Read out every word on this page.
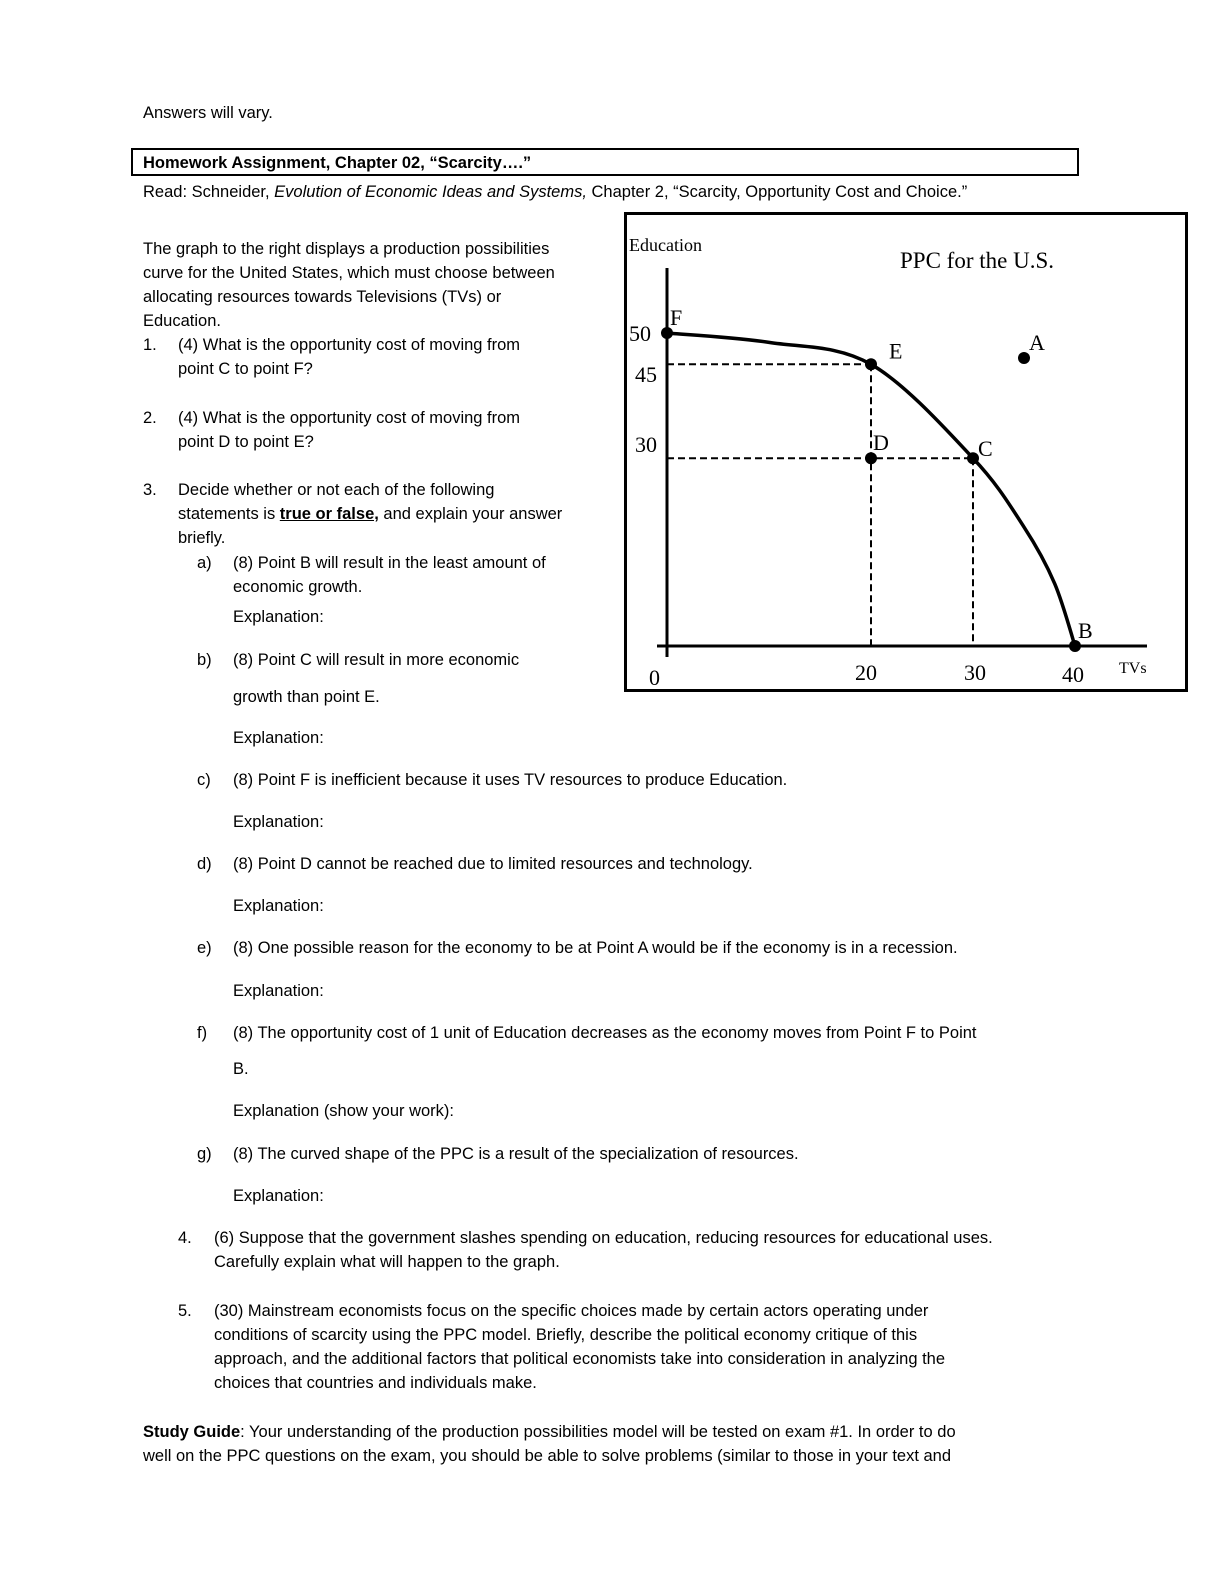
Answers will vary.
Homework Assignment, Chapter 02, “Scarcity….”
Read: Schneider, Evolution of Economic Ideas and Systems, Chapter 2, “Scarcity, Opportunity Cost and Choice.”
The graph to the right displays a production possibilities
curve for the United States, which must choose between
allocating resources towards Televisions (TVs) or
Education.
1. (4) What is the opportunity cost of moving from
point C to point F?
2. (4) What is the opportunity cost of moving from
point D to point E?
3. Decide whether or not each of the following
statements is true or false, and explain your answer
briefly.
a) (8) Point B will result in the least amount of
economic growth.
Explanation:
b) (8) Point C will result in more economic
growth than point E.
Explanation:
c) (8) Point F is inefficient because it uses TV resources to produce Education.
Explanation:
d) (8) Point D cannot be reached due to limited resources and technology.
Explanation:
e) (8) One possible reason for the economy to be at Point A would be if the economy is in a recession.
Explanation:
f) (8) The opportunity cost of 1 unit of Education decreases as the economy moves from Point F to Point
B.
Explanation (show your work):
g) (8) The curved shape of the PPC is a result of the specialization of resources.
Explanation:
4. (6) Suppose that the government slashes spending on education, reducing resources for educational uses.
Carefully explain what will happen to the graph.
5. (30) Mainstream economists focus on the specific choices made by certain actors operating under
conditions of scarcity using the PPC model. Briefly, describe the political economy critique of this
approach, and the additional factors that political economists take into consideration in analyzing the
choices that countries and individuals make.
Study Guide: Your understanding of the production possibilities model will be tested on exam #1. In order to do
well on the PPC questions on the exam, you should be able to solve problems (similar to those in your text and
F
E
D	C
B
A
PPC for the U.S.
Education
TVs
0	20	30	40
50
45
30
